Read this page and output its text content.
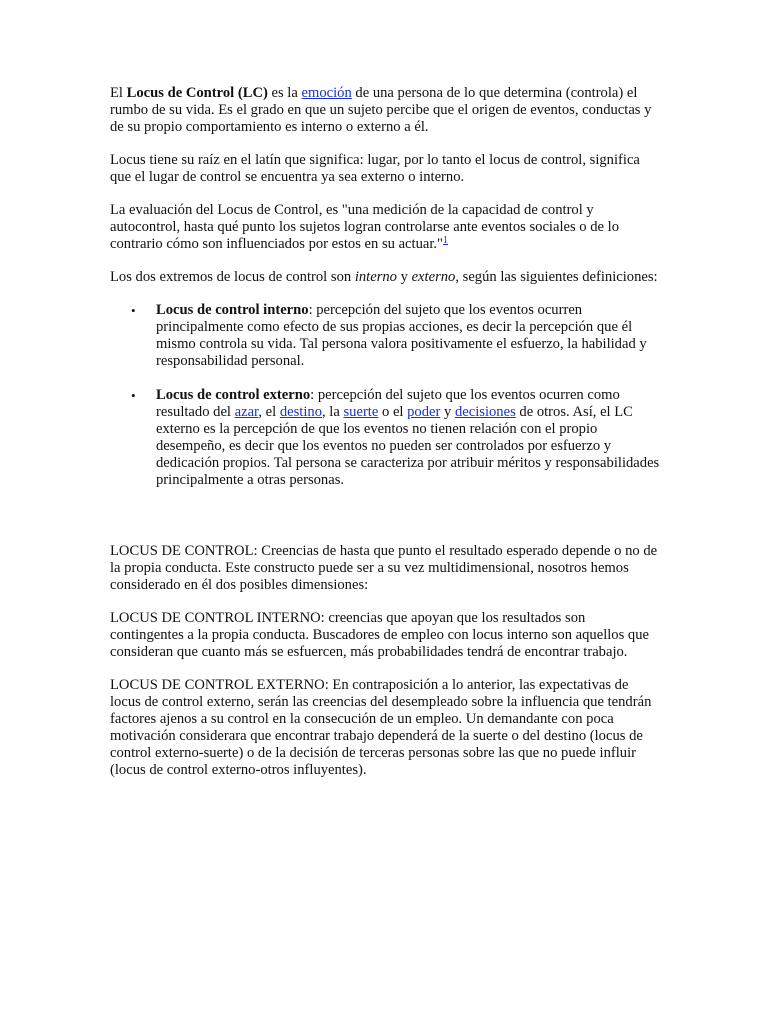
El Locus de Control (LC) es la emoción de una persona de lo que determina (controla) el rumbo de su vida. Es el grado en que un sujeto percibe que el origen de eventos, conductas y de su propio comportamiento es interno o externo a él.

Locus tiene su raíz en el latín que significa: lugar, por lo tanto el locus de control, significa que el lugar de control se encuentra ya sea externo o interno.

La evaluación del Locus de Control, es "una medición de la capacidad de control y autocontrol, hasta qué punto los sujetos logran controlarse ante eventos sociales o de lo contrario cómo son influenciados por estos en su actuar."$^1$

Los dos extremos de locus de control son interno y externo, según las siguientes definiciones:

• Locus de control interno: percepción del sujeto que los eventos ocurren principalmente como efecto de sus propias acciones, es decir la percepción que él mismo controla su vida. Tal persona valora positivamente el esfuerzo, la habilidad y responsabilidad personal.
• Locus de control externo: percepción del sujeto que los eventos ocurren como resultado del azar, el destino, la suerte o el poder y decisiones de otros. Así, el LC externo es la percepción de que los eventos no tienen relación con el propio desempeño, es decir que los eventos no pueden ser controlados por esfuerzo y dedicación propios. Tal persona se caracteriza por atribuir méritos y responsabilidades principalmente a otras personas.

LOCUS DE CONTROL: Creencias de hasta que punto el resultado esperado depende o no de la propia conducta. Este constructo puede ser a su vez multidimensional, nosotros hemos considerado en él dos posibles dimensiones:

LOCUS DE CONTROL INTERNO: creencias que apoyan que los resultados son contingentes a la propia conducta. Buscadores de empleo con locus interno son aquellos que consideran que cuanto más se esfuercen, más probabilidades tendrá de encontrar trabajo.

LOCUS DE CONTROL EXTERNO: En contraposición a lo anterior, las expectativas de locus de control externo, serán las creencias del desempleado sobre la influencia que tendrán factores ajenos a su control en la consecución de un empleo. Un demandante con poca motivación considerara que encontrar trabajo dependerá de la suerte o del destino (locus de control externo-suerte) o de la decisión de terceras personas sobre las que no puede influir (locus de control externo-otros influyentes).
